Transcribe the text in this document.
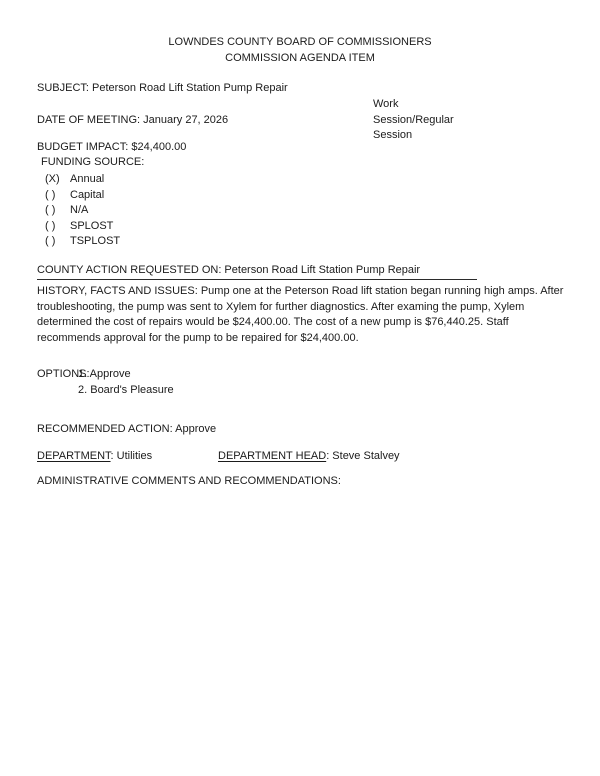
LOWNDES COUNTY BOARD OF COMMISSIONERS
COMMISSION AGENDA ITEM
SUBJECT: Peterson Road Lift Station Pump Repair
Work
Session/Regular
Session
DATE OF MEETING: January 27, 2026
BUDGET IMPACT: $24,400.00
FUNDING SOURCE:
(X) Annual
( )	Capital
( )	N/A
( )	SPLOST
( )	TSPLOST
COUNTY ACTION REQUESTED ON: Peterson Road Lift Station Pump Repair
HISTORY, FACTS AND ISSUES: Pump one at the Peterson Road lift station began running high amps. After
troubleshooting, the pump was sent to Xylem for further diagnostics. After examing the pump, Xylem
determined the cost of repairs would be $24,400.00. The cost of a new pump is $76,440.25. Staff
recommends approval for the pump to be repaired for $24,400.00.
OPTIONS:
1. Approve
2. Board's Pleasure
RECOMMENDED ACTION: Approve
DEPARTMENT: Utilities	DEPARTMENT HEAD: Steve Stalvey
ADMINISTRATIVE COMMENTS AND RECOMMENDATIONS:
